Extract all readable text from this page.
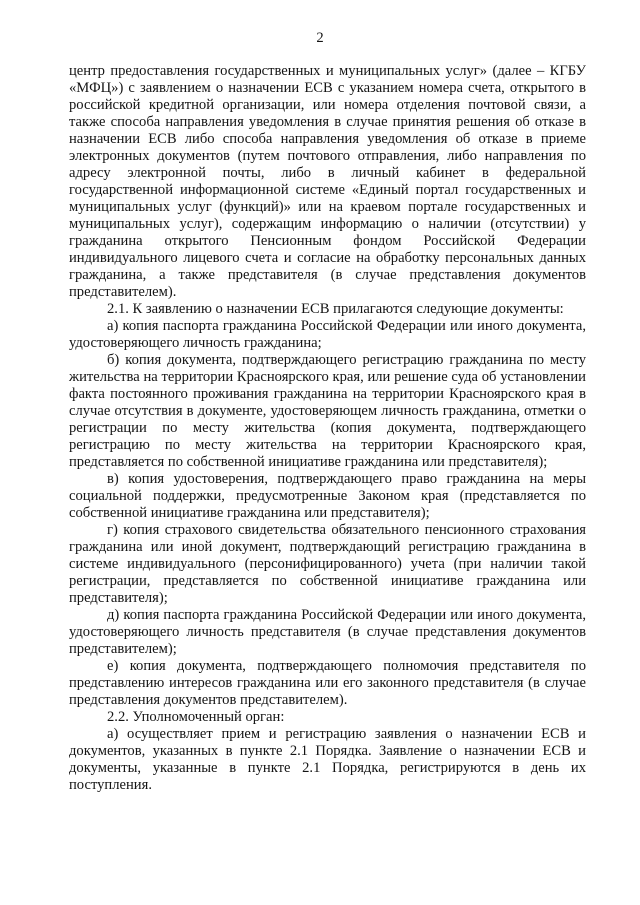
2

центр предоставления государственных и муниципальных услуг» (далее – КГБУ «МФЦ») с заявлением о назначении ЕСВ с указанием номера счета, открытого в российской кредитной организации, или номера отделения почтовой связи, а также способа направления уведомления в случае принятия решения об отказе в назначении ЕСВ либо способа направления уведомления об отказе в приеме электронных документов (путем почтового отправления, либо направления по адресу электронной почты, либо в личный кабинет в федеральной государственной информационной системе «Единый портал государственных и муниципальных услуг (функций)» или на краевом портале государственных и муниципальных услуг), содержащим информацию о наличии (отсутствии) у гражданина открытого Пенсионным фондом Российской Федерации индивидуального лицевого счета и согласие на обработку персональных данных гражданина, а также представителя (в случае представления документов представителем).

2.1. К заявлению о назначении ЕСВ прилагаются следующие документы:

а) копия паспорта гражданина Российской Федерации или иного документа, удостоверяющего личность гражданина;

б) копия документа, подтверждающего регистрацию гражданина по месту жительства на территории Красноярского края, или решение суда об установлении факта постоянного проживания гражданина на территории Красноярского края в случае отсутствия в документе, удостоверяющем личность гражданина, отметки о регистрации по месту жительства (копия документа, подтверждающего регистрацию по месту жительства на территории Красноярского края, представляется по собственной инициативе гражданина или представителя);

в) копия удостоверения, подтверждающего право гражданина на меры социальной поддержки, предусмотренные Законом края (представляется по собственной инициативе гражданина или представителя);

г) копия страхового свидетельства обязательного пенсионного страхования гражданина или иной документ, подтверждающий регистрацию гражданина в системе индивидуального (персонифицированного) учета (при наличии такой регистрации, представляется по собственной инициативе гражданина или представителя);

д) копия паспорта гражданина Российской Федерации или иного документа, удостоверяющего личность представителя (в случае представления документов представителем);

е) копия документа, подтверждающего полномочия представителя по представлению интересов гражданина или его законного представителя (в случае представления документов представителем).

2.2. Уполномоченный орган:

а) осуществляет прием и регистрацию заявления о назначении ЕСВ и документов, указанных в пункте 2.1 Порядка. Заявление о назначении ЕСВ и документы, указанные в пункте 2.1 Порядка, регистрируются в день их поступления.
